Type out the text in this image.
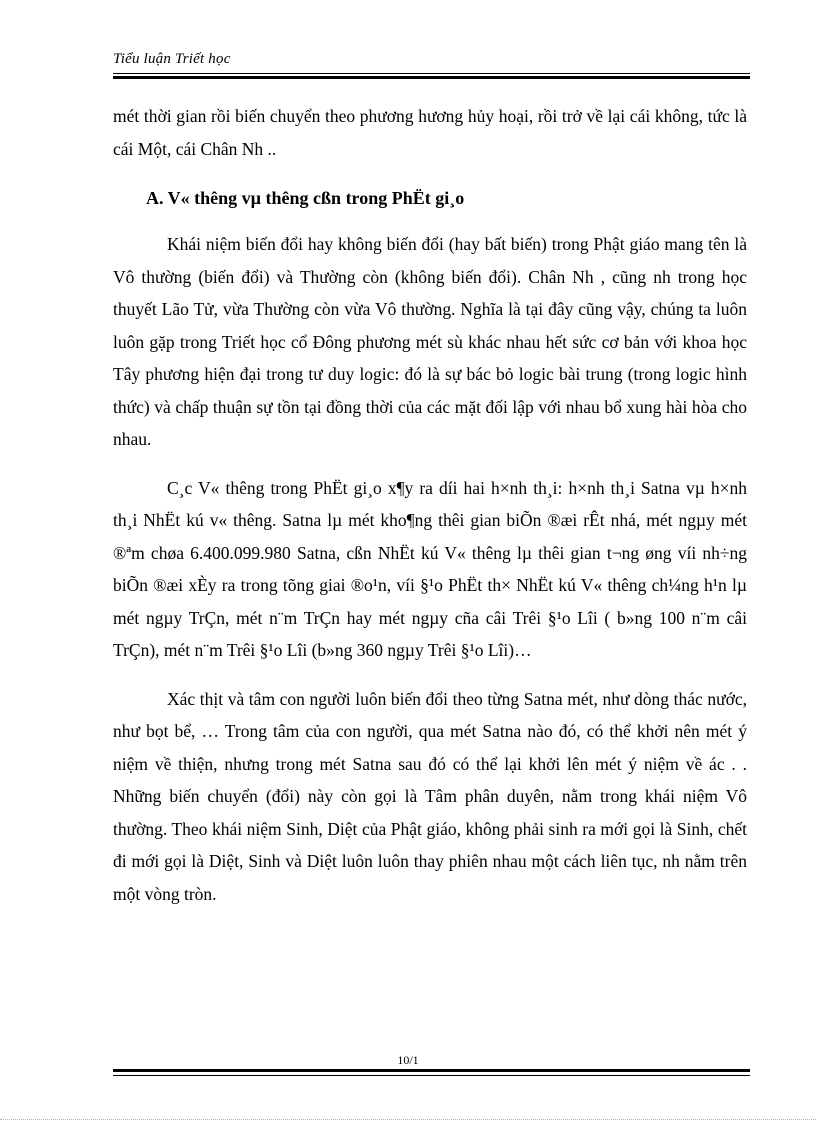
Tiểu luận Triết học

mét thời gian rồi biến chuyển theo phương hương hủy hoại, rồi trở về lại cái không, tức là cái Một, cái Chân Nh ..

A. V« thêng vµ thêng cßn trong PhËt gi¸o

Khái niệm biến đổi hay không biến đổi (hay bất biến) trong Phật giáo mang tên là Vô thường (biến đổi) và Thường còn (không biến đổi). Chân Nh , cũng nh trong học thuyết Lão Tử, vừa Thường còn vừa Vô thường. Nghĩa là tại đây cũng vậy, chúng ta luôn luôn gặp trong Triết học cổ Đông phương mét sù khác nhau hết sức cơ bản với khoa học Tây phương hiện đại trong tư duy logic: đó là sự bác bỏ logic bài trung (trong logic hình thức) và chấp thuận sự tồn tại đồng thời của các mặt đối lập với nhau bổ xung hài hòa cho nhau.

C¸c V« thêng trong PhËt gi¸o x¶y ra díi hai h×nh th¸i: h×nh th¸i Satna vµ h×nh th¸i NhËt kú v« thêng. Satna lµ mét kho¶ng thêi gian biÕn ®æi rÊt nhá, mét ngµy mét ®ªm chøa 6.400.099.980 Satna, cßn NhËt kú V« thêng lµ thêi gian t¬ng øng víi nh÷ng biÕn ®æi xÈy ra trong tõng giai ®o¹n, víi §¹o PhËt th× NhËt kú V« thêng ch¼ng h¹n lµ mét ngµy TrÇn, mét n¨m TrÇn hay mét ngµy cña câi Trêi §¹o Lîi ( b»ng 100 n¨m câi TrÇn), mét n¨m Trêi §¹o Lîi (b»ng 360 ngµy Trêi §¹o Lîi)…

Xác thịt và tâm con người luôn biến đổi theo từng Satna mét, như dòng thác nước, như bọt bể, … Trong tâm của con người, qua mét Satna nào đó, có thể khởi nên mét ý niệm về thiện, nhưng trong mét Satna sau đó có thể lại khởi lên mét ý niệm về ác . . Những biến chuyển (đổi) này còn gọi là Tâm phân duyên, nằm trong khái niệm Vô thường. Theo khái niệm Sinh, Diệt của Phật giáo, không phải sinh ra mới gọi là Sinh, chết đi mới gọi là Diệt, Sinh và Diệt luôn luôn thay phiên nhau một cách liên tục, nh nằm trên một vòng tròn.

10/1
